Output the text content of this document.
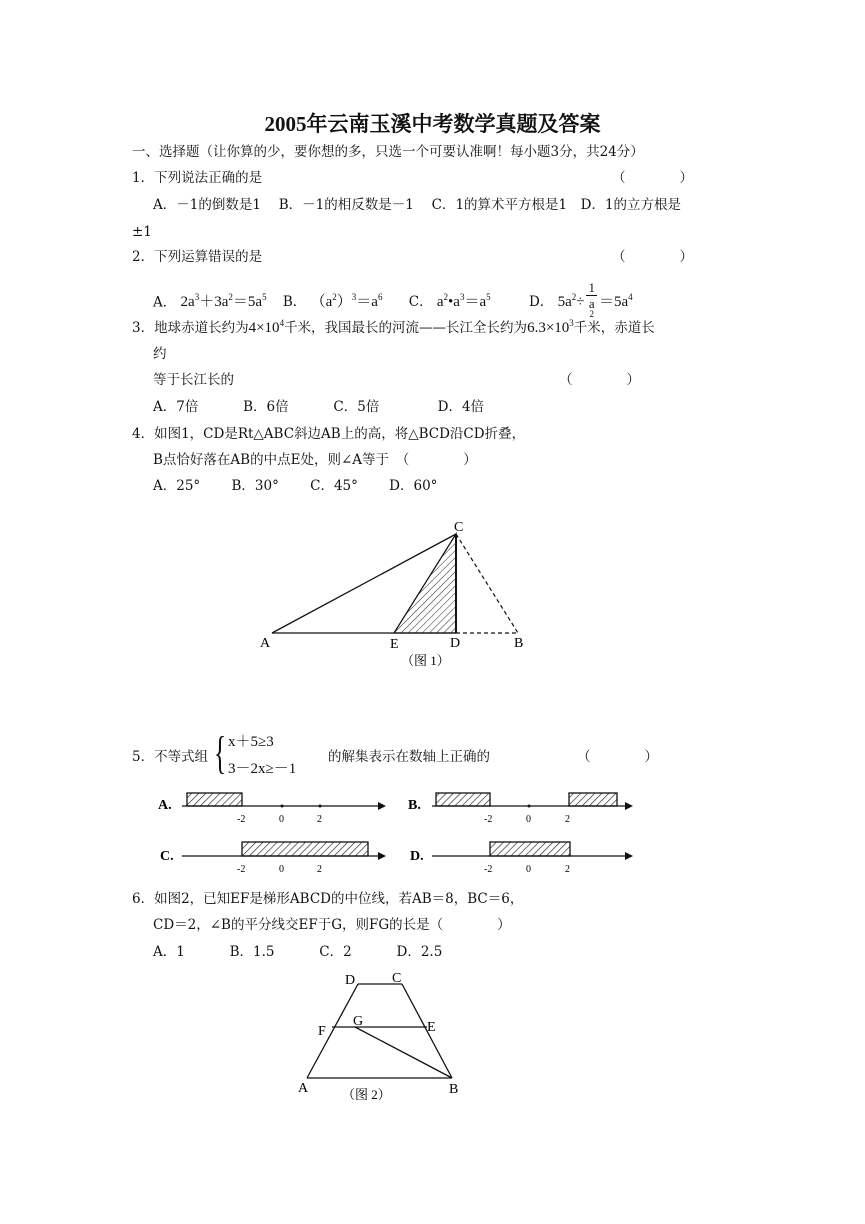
2005年云南玉溪中考数学真题及答案
一、选择题（让你算的少，要你想的多，只选一个可要认准啊！每小题3分，共24分）
1．下列说法正确的是	（　　　　）
A．－1的倒数是1　 B．－1的相反数是－1　 C．1的算术平方根是1　D．1的立方根是
±1
2．下列运算错误的是	（　　　　）
A． $2a^3+3a^2=5a^5$ B． $(a^2)^3=a^6$ C． $a^2•a^3=a^5$	D． $5a^2\div 1$
a
$^2 =5a^4$
3．地球赤道长约为$4\times 10^4$千米，我国最长的河流——长江全长约为$6.3\times 10^3$千米，赤道长
约
等于长江长的	（　　　　）
A．7倍　　　 B．6倍　　　 C．5倍　　　　 D．4倍
4．如图1，CD是Rt△ABC斜边AB上的高，将△BCD沿CD折叠，
B点恰好落在AB的中点E处，则∠A等于　（　　　　）
A．25°　　 B．30°　　 C．45°　　 D．60°
C
A	E	D	B
（图 1）
5．不等式组 { x＋5≥3
3－2x≥－1
的解集表示在数轴上正确的	（　　　　）
A.
-2	0	2
B.
-2	0	2
C.
-2	0	2
D.
-2	0	2
6．如图2，已知EF是梯形ABCD的中位线，若AB＝8，BC＝6，
CD＝2，∠B的平分线交EF于G，则FG的长是（　　　　）
A．1　　　 B．1.5　　　 C．2　　　 D．2.5
D	C
F
G	E
A	B
（图 2）
